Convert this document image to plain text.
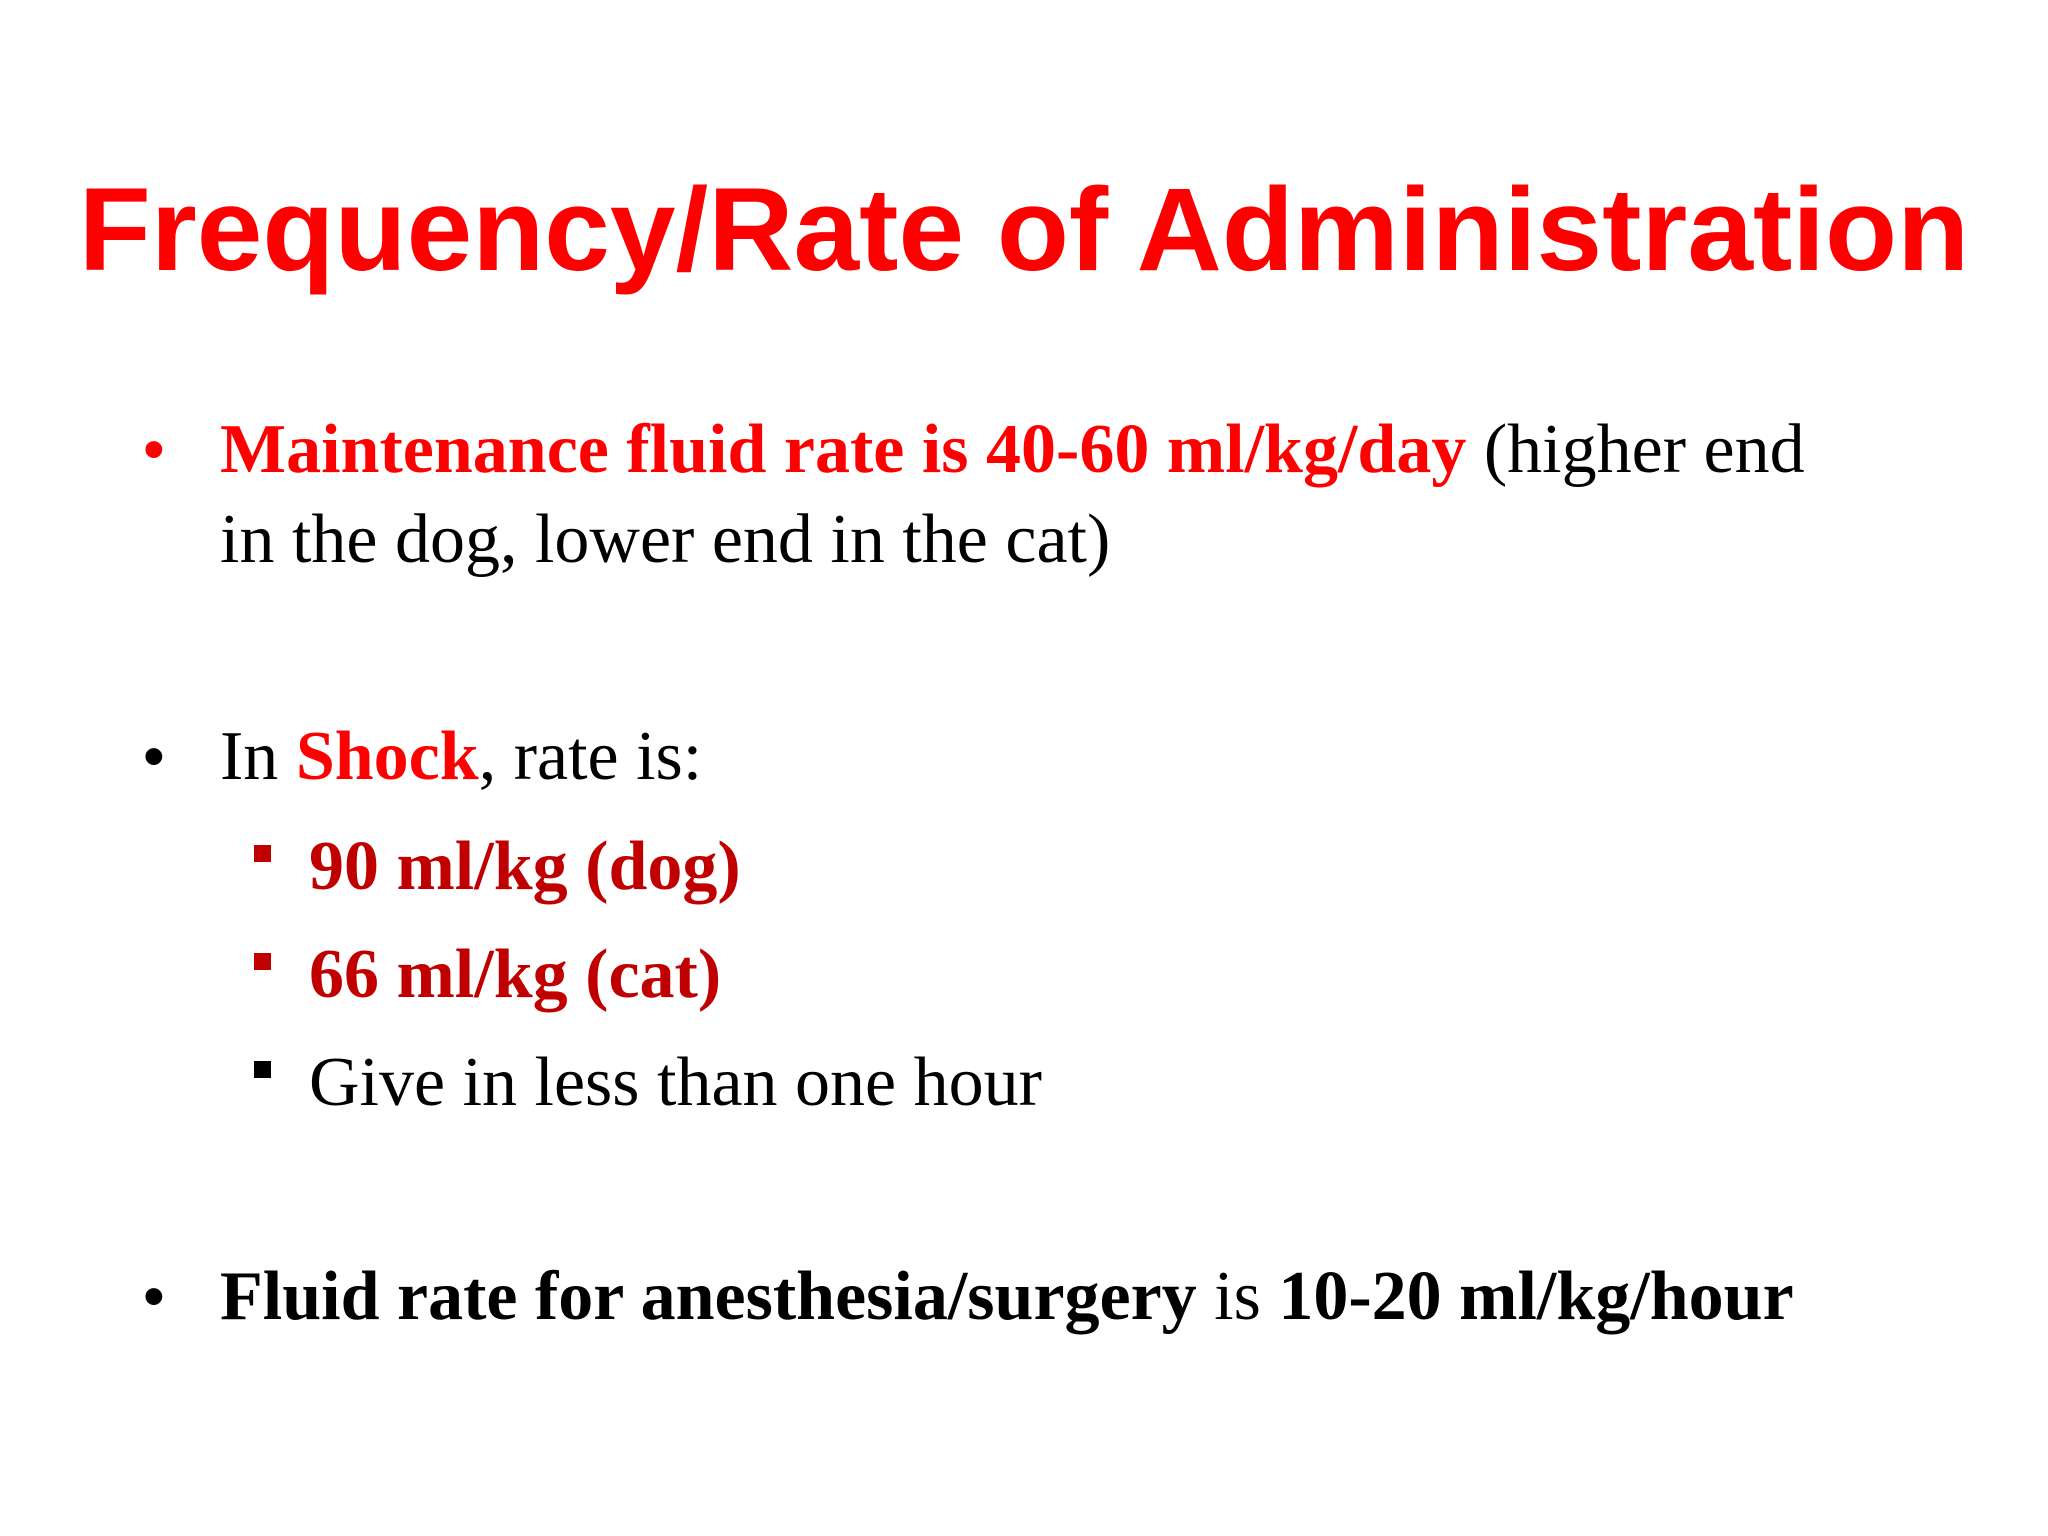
Frequency/Rate of Administration
• Maintenance fluid rate is 40-60 ml/kg/day (higher end
in the dog, lower end in the cat)
• In Shock, rate is:
90 ml/kg (dog)
66 ml/kg (cat)
Give in less than one hour
• Fluid rate for anesthesia/surgery is 10-20 ml/kg/hour
